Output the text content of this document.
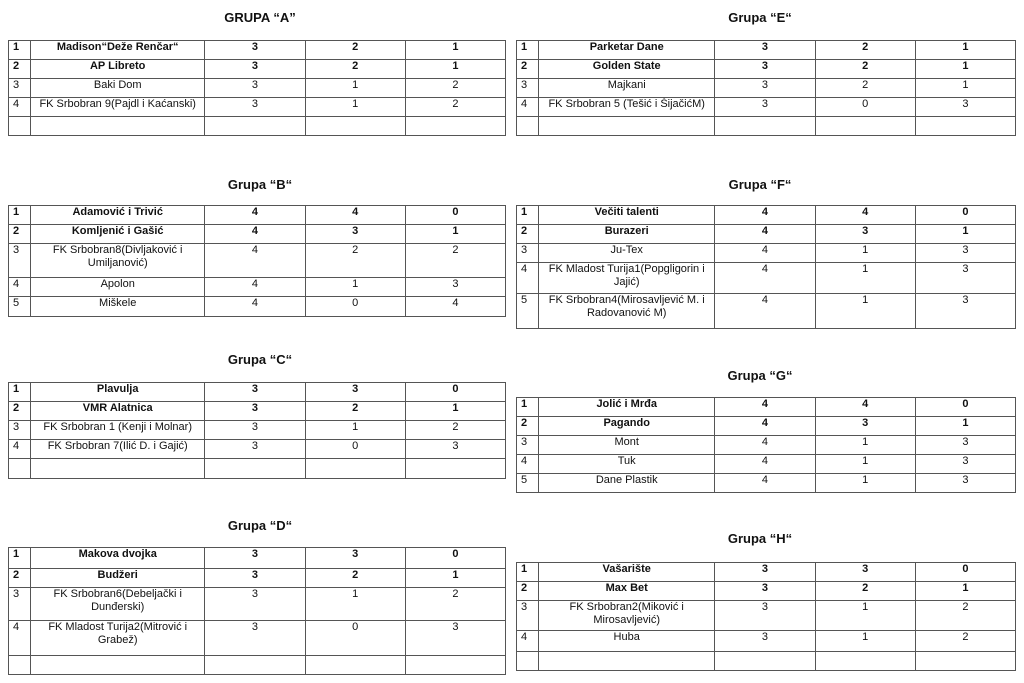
GRUPA “A”
1	Madison“Deže Renčar“	3	2	1
2	AP Libreto	3	2	1
3	Baki Dom	3	1	2
4	FK Srbobran 9(Pajdl i Kaćanski)	3	1	2

Grupa “E“
1	Parketar Dane	3	2	1
2	Golden State	3	2	1
3	Majkani	3	2	1
4	FK Srbobran 5 (Tešić i ŠijačićM)	3	0	3

Grupa “B“
1	Adamović i Trivić	4	4	0
2	Komljenić i Gašić	4	3	1
3	FK Srbobran8(Divljaković i Umiljanović)	4	2	2
4	Apolon	4	1	3
5	Miškele	4	0	4
Grupa “F“
1	Večiti talenti	4	4	0
2	Burazeri	4	3	1
3	Ju-Tex	4	1	3
4	FK Mladost Turija1(Popgligorin i Jajić)	4	1	3
5	FK Srbobran4(Mirosavljević M. i Radovanović M)	4	1	3
Grupa “C“
1	Plavulja	3	3	0
2	VMR Alatnica	3	2	1
3	FK Srbobran 1 (Kenji i Molnar)	3	1	2
4	FK Srbobran 7(Ilić D. i Gajić)	3	0	3

Grupa “G“
1	Jolić i Mrđa	4	4	0
2	Pagando	4	3	1
3	Mont	4	1	3
4	Tuk	4	1	3
5	Dane Plastik	4	1	3
Grupa “D“
1	Makova dvojka	3	3	0
2	Budžeri	3	2	1
3	FK Srbobran6(Debeljački i Dunđerski)	3	1	2
4	FK Mladost Turija2(Mitrović i Grabež)	3	0	3

Grupa “H“
1	Vašarište	3	3	0
2	Max Bet	3	2	1
3	FK Srbobran2(Miković i Mirosavljević)	3	1	2
4	Huba	3	1	2
